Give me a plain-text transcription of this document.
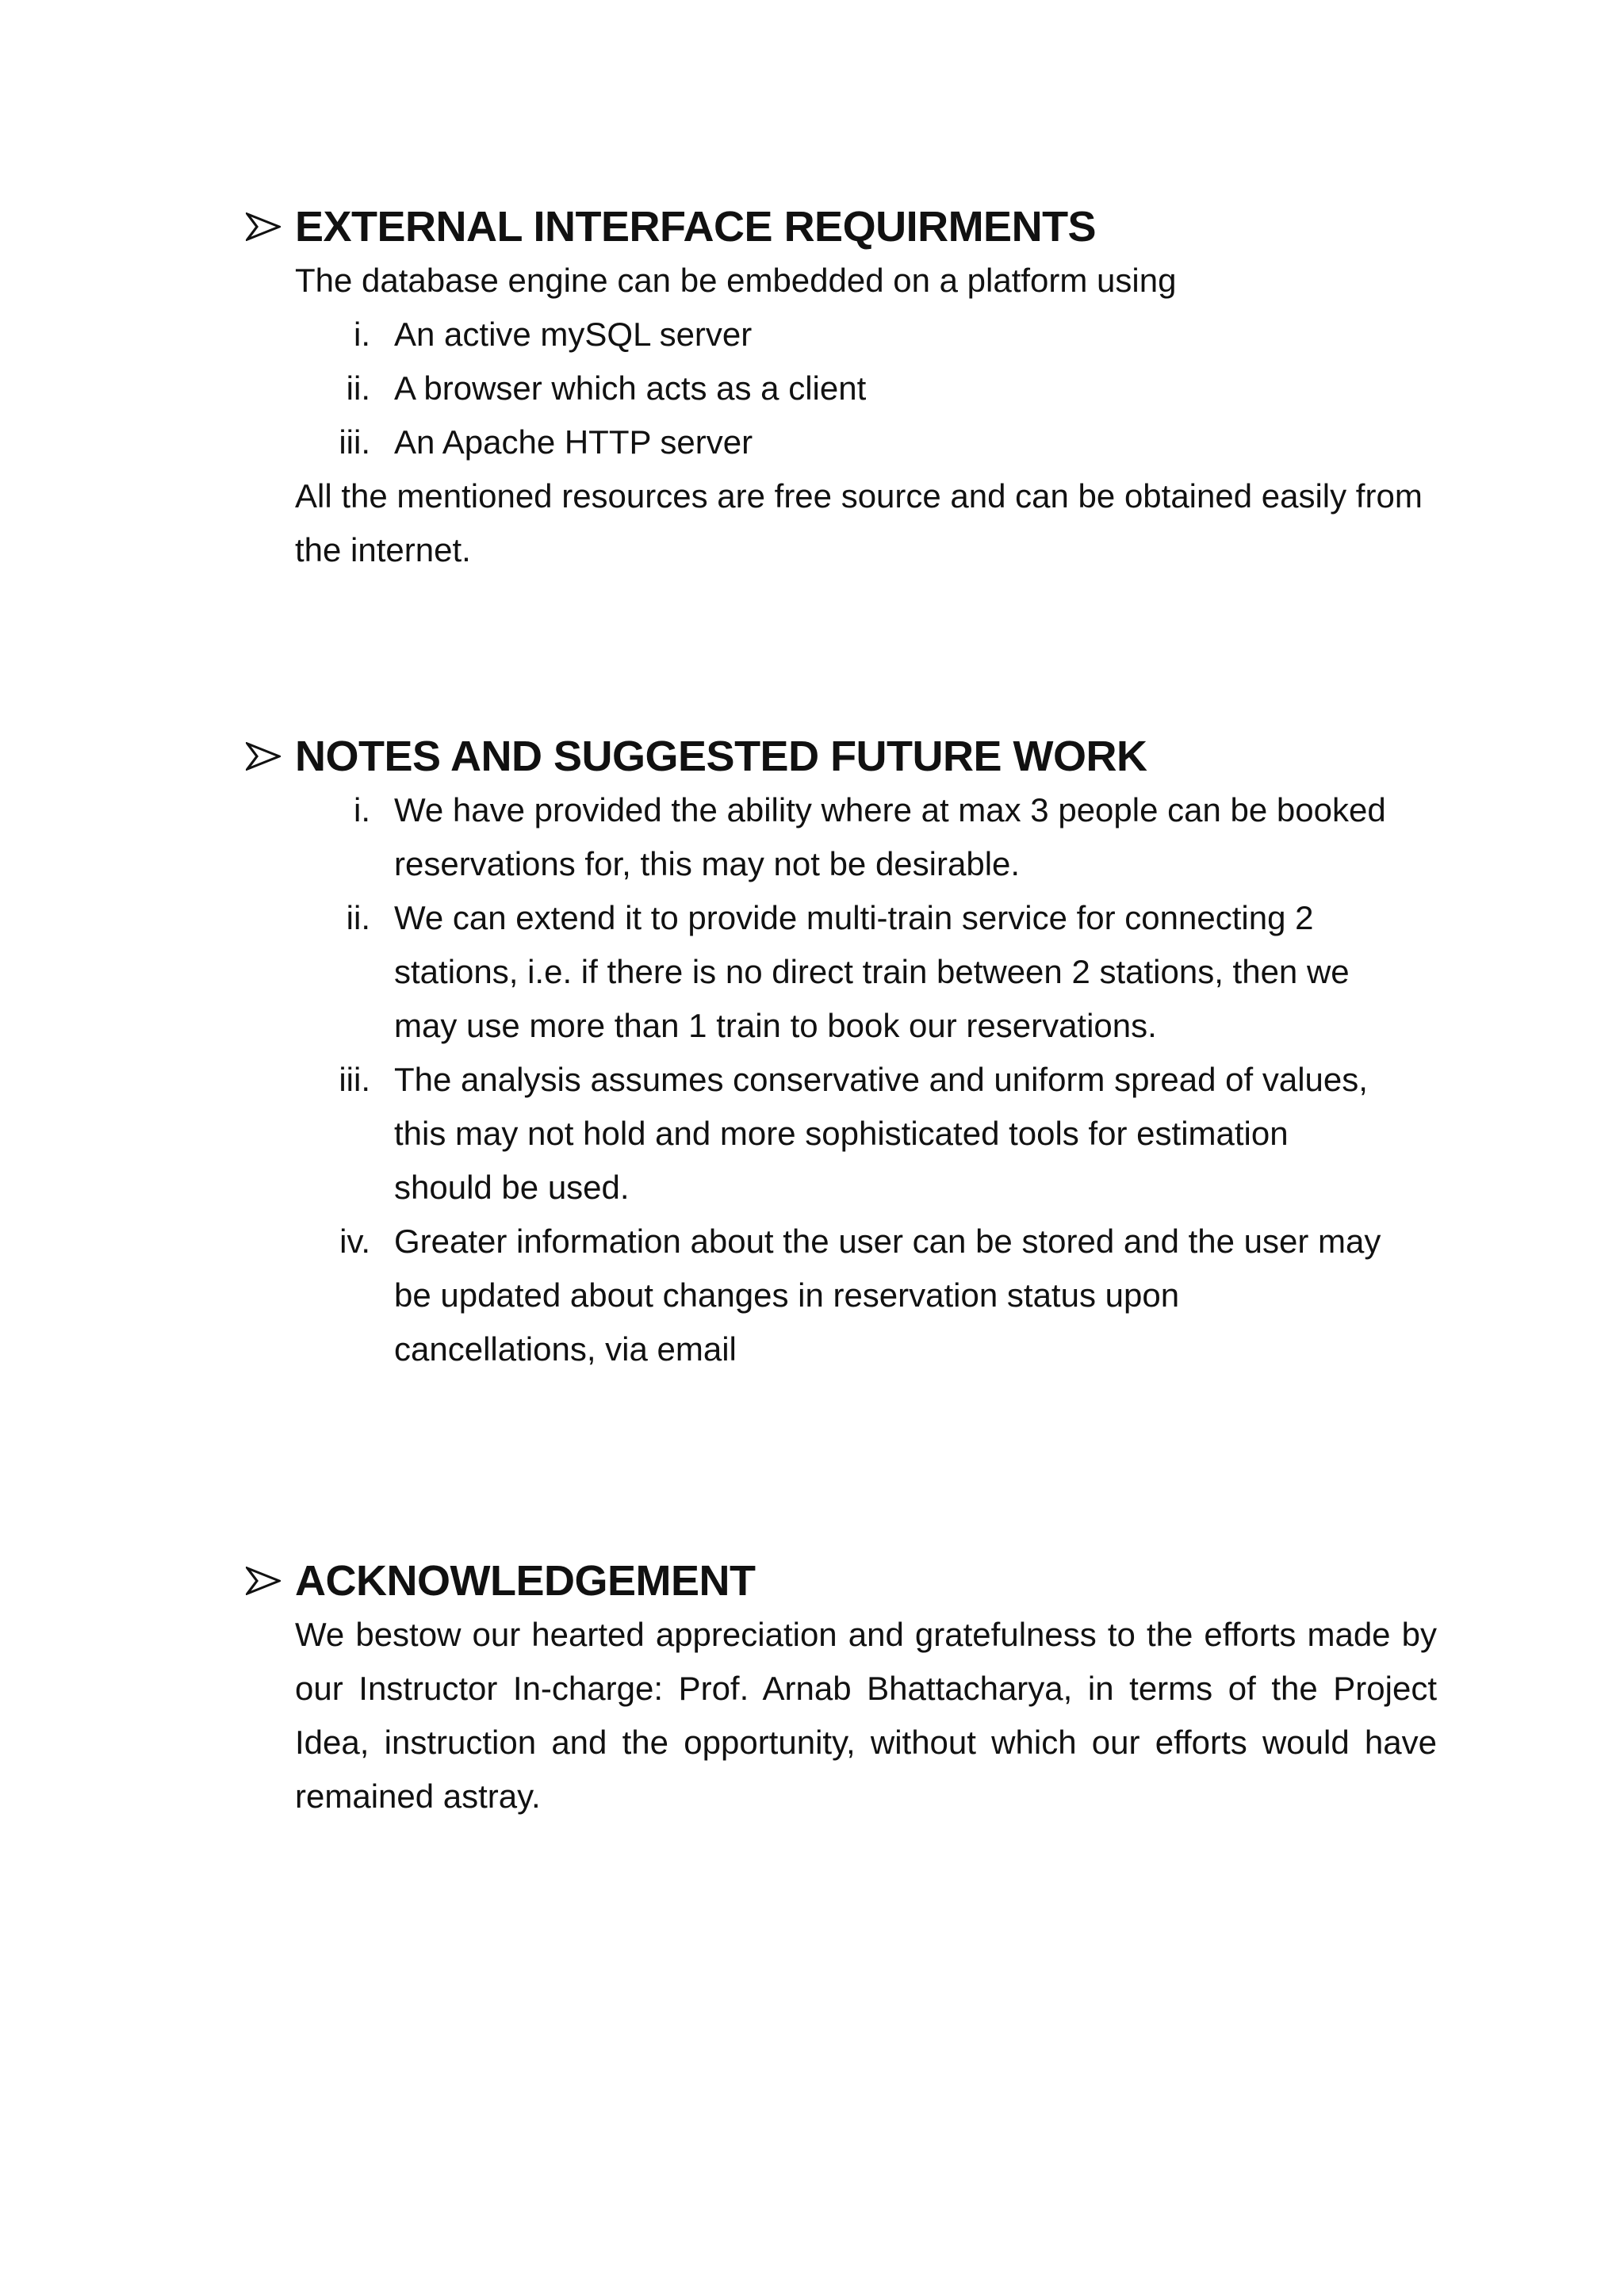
EXTERNAL INTERFACE REQUIRMENTS
The database engine can be embedded on a platform using
i. An active mySQL server
ii. A browser which acts as a client
iii. An Apache HTTP server
All the mentioned resources are free source and can be obtained easily from the internet.
NOTES AND SUGGESTED FUTURE WORK
i. We have provided the ability where at max 3 people can be booked reservations for, this may not be desirable.
ii. We can extend it to provide multi-train service for connecting 2 stations, i.e. if there is no direct train between 2 stations, then we may use more than 1 train to book our reservations.
iii. The analysis assumes conservative and uniform spread of values, this may not hold and more sophisticated tools for estimation should be used.
iv. Greater information about the user can be stored and the user may be updated about changes in reservation status upon cancellations, via email
ACKNOWLEDGEMENT
We bestow our hearted appreciation and gratefulness to the efforts made by our Instructor In-charge: Prof. Arnab Bhattacharya, in terms of the Project Idea, instruction and the opportunity, without which our efforts would have remained astray.
